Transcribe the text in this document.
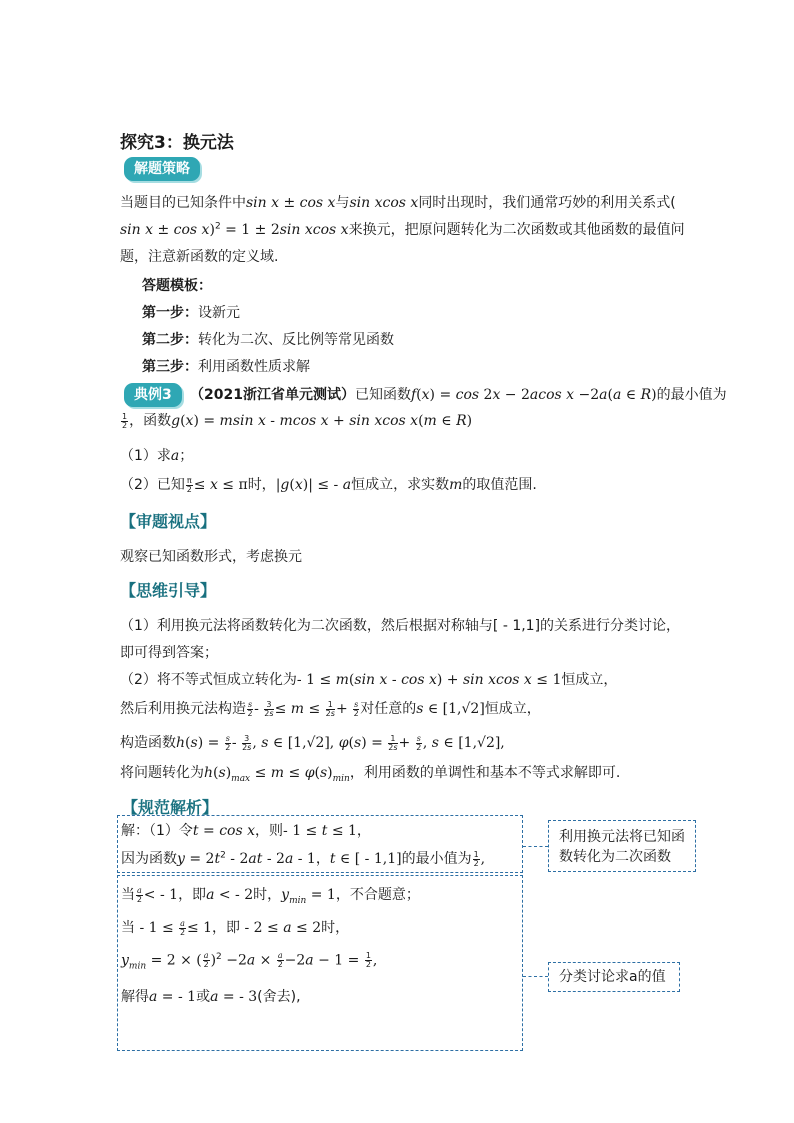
探究3：换元法
解题策略
当题目的已知条件中sin x ± cos x与sin xcos x同时出现时，我们通常巧妙的利用关系式(
sin x ± cos x)$^2$ = 1 ± 2sin xcos x来换元，把原问题转化为二次函数或其他函数的最值问
题，注意新函数的定义域.
答题模板：
第一步：设新元
第二步：转化为二次、反比例等常见函数
第三步：利用函数性质求解
典例3	（2021浙江省单元测试）已知函数f(x) = cos 2x − 2acos x −2a(a ∈ R)的最小值为
$\frac{1}{2}$ ，函数g(x) = msin x ‐ mcos x + sin xcos x(m ∈ R)
（1）求a；
（2）已知 $\frac{\pi}{2} \le x \le \pi$时，|g(x)| ≤ ‐ a恒成立，求实数m的取值范围.
【审题视点】
观察已知函数形式，考虑换元
【思维引导】
（1）利用换元法将函数转化为二次函数，然后根据对称轴与[ ‐ 1,1]的关系进行分类讨论，
即可得到答案；
（2）将不等式恒成立转化为‐ 1 ≤ m(sin x ‐ cos x) + sin xcos x ≤ 1恒成立，
然后利用换元法构造 $\frac{s}{2}$ ‐ $\frac{3}{2s} \le m \le \frac{1}{2s} + \frac{s}{2}$ 对任意的s ∈ [1,√2]恒成立，
构造函数$h(s) = \frac{s}{2}$ ‐ $\frac{3}{2s}$ , s ∈ [1,√2], $\varphi(s) = \frac{1}{2s} + \frac{s}{2}$ , s ∈ [1,√2],
将问题转化为$h(s)_{max} \le m \le \varphi(s)_{min}$，利用函数的单调性和基本不等式求解即可.
【规范解析】
解：（1）令t = cos x，则‐ 1 ≤ t ≤ 1，
因为函数$y = 2t^2$ ‐ 2at ‐ 2a ‐ 1，t ∈ [ ‐ 1,1]的最小值为 $\frac{1}{2}$ ,
当 $\frac{a}{2}$ < ‐ 1，即a < ‐ 2时，$y_{min} = 1$，不合题意；
当 ‐ $1 \le \frac{a}{2} \le 1$，即 ‐ 2 ≤ a ≤ 2时，
$y_{min} = 2$ × ( $\frac{a}{2} )^2 -2a \times \frac{a}{2} -2a - 1 = \frac{1}{2}$ ,
解得a = ‐ 1或a = ‐ 3(舍去),
利用换元法将已知函数转化为二次函数
分类讨论求a的值
